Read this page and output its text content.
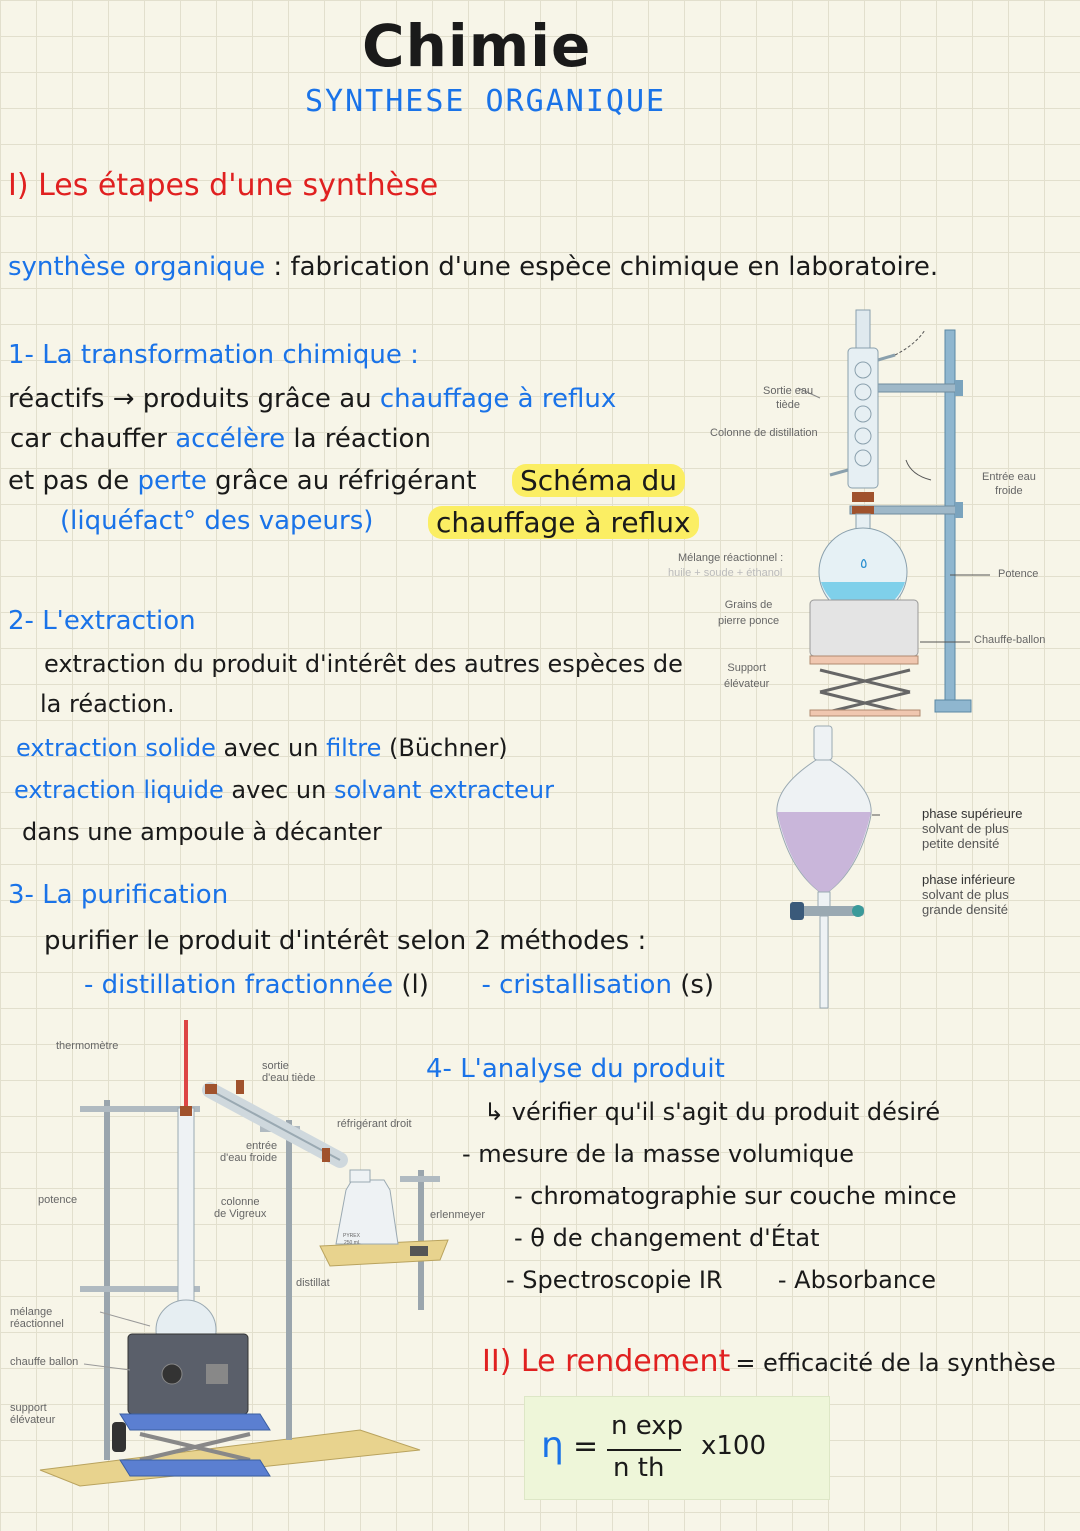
Chimie
SYNTHESE ORGANIQUE
I) Les étapes d'une synthèse
synthèse organique : fabrication d'une espèce chimique en laboratoire.
1- La transformation chimique :
réactifs → produits grâce au chauffage à reflux
car chauffer accélère la réaction
et pas de perte grâce au réfrigérant
(liquéfact° des vapeurs)
Schéma du
chauffage à reflux
٥
Sortie eau
tiède
Colonne de distillation
Entrée eau
froide
Mélange réactionnel :
huile + soude + éthanol	Potence
Grains de
pierre ponce
Chauffe-ballon
Support
élévateur
2- L'extraction
extraction du produit d'intérêt des autres espèces de
la réaction.
extraction solide avec un filtre (Büchner)
extraction liquide avec un solvant extracteur
dans une ampoule à décanter
phase supérieure
solvant de plus
petite densité
phase inférieure
solvant de plus
grande densité
3- La purification
purifier le produit d'intérêt selon 2 méthodes :
- distillation fractionnée (l) - cristallisation (s)
thermomètre
sortie
d'eau tiède
réfrigérant droit
entrée
d'eau froide
potence	colonne
de Vigreux	erlenmeyer
PYREX
250 mL
distillat
mélange
réactionnel
chauffe ballon
support
élévateur
4- L'analyse du produit
↳ vérifier qu'il s'agit du produit désiré
- mesure de la masse volumique
- chromatographie sur couche mince
- θ de changement d'État
- Spectroscopie IR - Absorbance
II) Le rendement = efficacité de la synthèse
η =
n exp
n th
x100
